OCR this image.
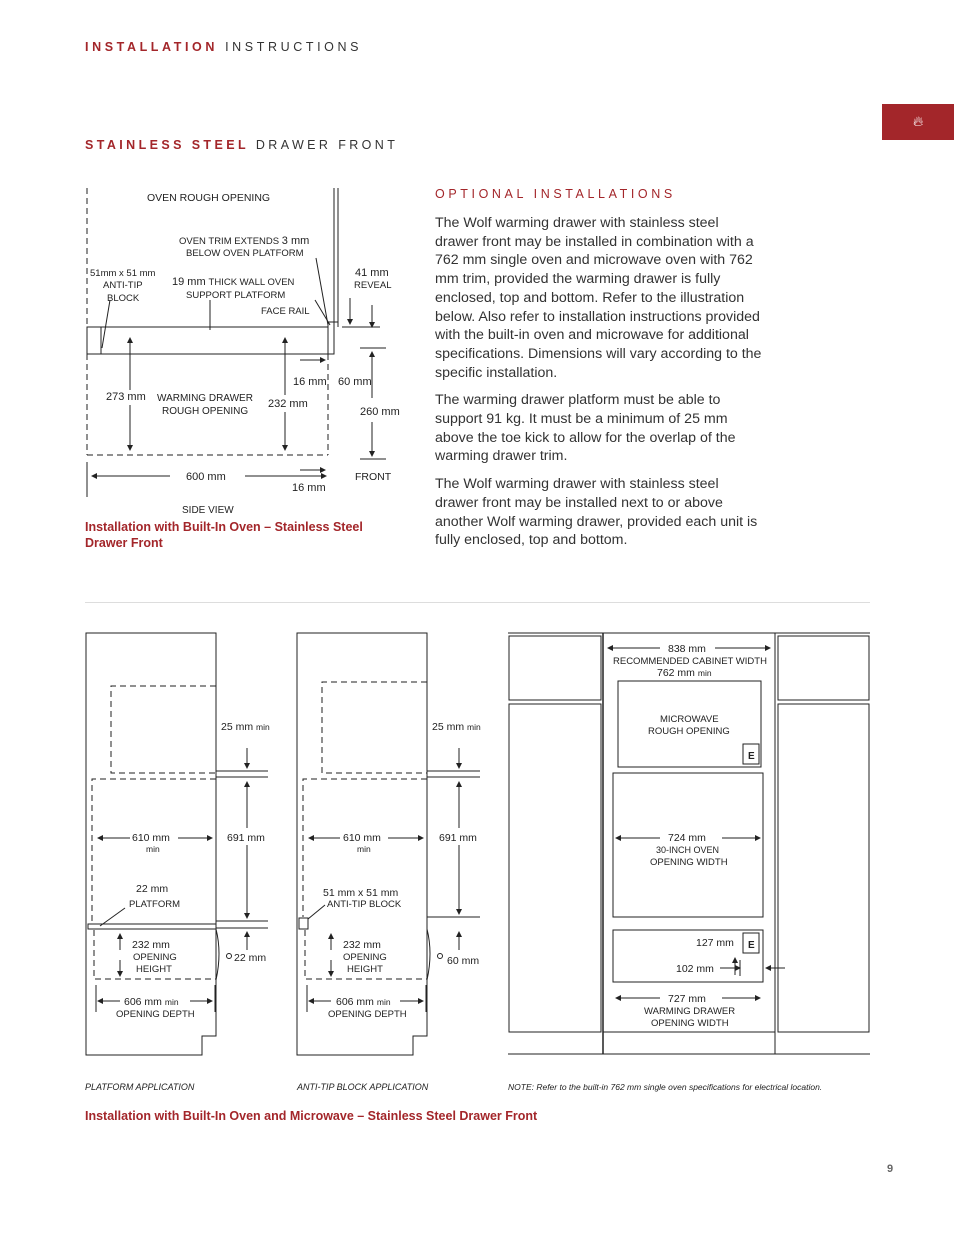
INSTALLATION INSTRUCTIONS
🔥︎
STAINLESS STEEL DRAWER FRONT
OPTIONAL INSTALLATIONS

The Wolf warming drawer with stainless steel drawer front may be installed in combination with a 762 mm single oven and microwave oven with 762 mm trim, provided the warming drawer is fully enclosed, top and bottom. Refer to the illustration below. Also refer to installation instructions provided with the built-in oven and microwave for additional specifications. Dimensions will vary according to the specific installation.

The warming drawer platform must be able to support 91 kg. It must be a minimum of 25 mm above the toe kick to allow for the overlap of the warming drawer trim.

The Wolf warming drawer with stainless steel drawer front may be installed next to or above another Wolf warming drawer, provided each unit is fully enclosed, top and bottom.

Installation with Built-In Oven – Stainless Steel Drawer Front
Installation with Built-In Oven and Microwave – Stainless Steel Drawer Front
9
OVEN ROUGH OPENING
OVEN TRIM EXTENDS 3 mm
BELOW OVEN PLATFORM
51mm x 51 mm
ANTI-TIP
BLOCK
19 mm THICK WALL OVEN
SUPPORT PLATFORM
FACE RAIL
41 mm
REVEAL
16 mm 60 mm
273 mm WARMING DRAWER
ROUGH OPENING
232 mm
260 mm
600 mm	FRONT
16 mm
SIDE VIEW
25 mm min
610 mm
min
691 mm
22 mm
PLATFORM
232 mm
OPENING
HEIGHT
22 mm
606 mm min
OPENING DEPTH
PLATFORM APPLICATION
25 mm min
610 mm
min
691 mm
51 mm x 51 mm
ANTI-TIP BLOCK
232 mm
OPENING
HEIGHT
60 mm
606 mm min
OPENING DEPTH
ANTI-TIP BLOCK APPLICATION
838 mm
RECOMMENDED CABINET WIDTH
762 mm min
MICROWAVE
ROUGH OPENING
E
724 mm
30-INCH OVEN
OPENING WIDTH
127 mm E
102 mm
727 mm
WARMING DRAWER
OPENING WIDTH
NOTE: Refer to the built-in 762 mm single oven specifications for electrical location.
